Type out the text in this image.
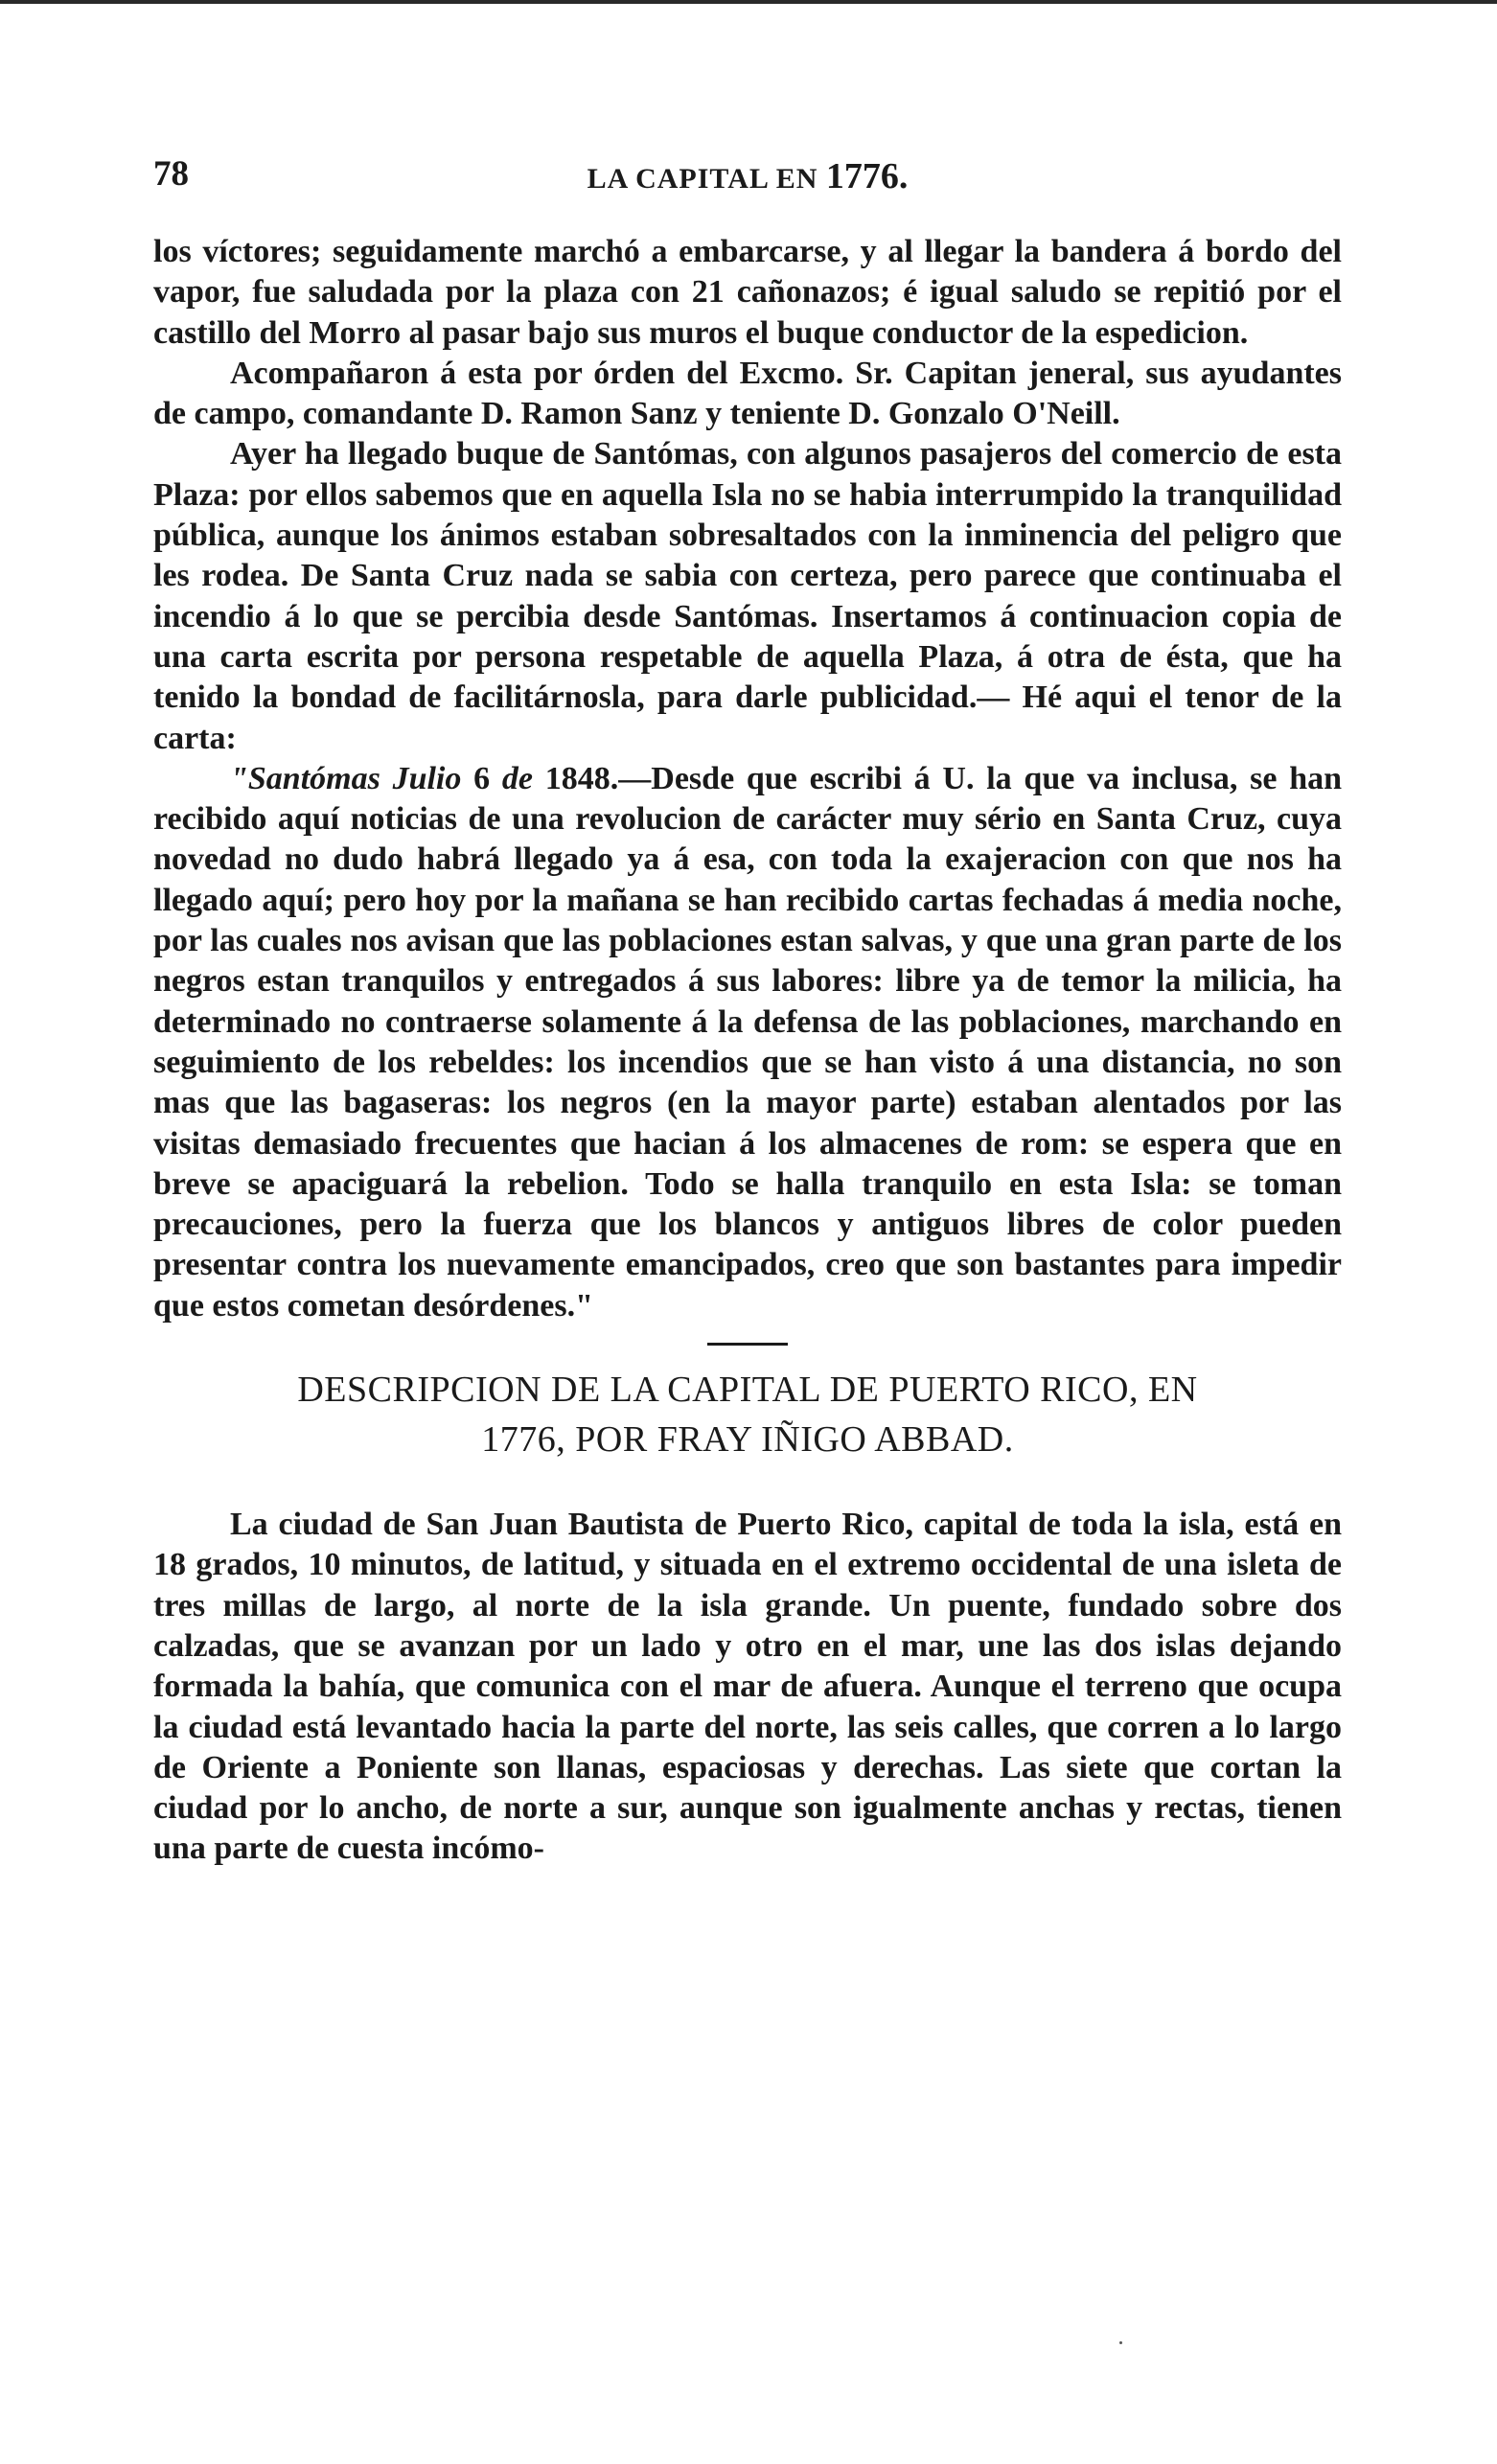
78	LA CAPITAL EN 1776.

los víctores; seguidamente marchó a embarcarse, y al llegar la bandera á bordo del vapor, fue saludada por la plaza con 21 cañonazos; é igual saludo se repitió por el castillo del Morro al pasar bajo sus muros el buque conductor de la espedicion.

Acompañaron á esta por órden del Excmo. Sr. Capitan jeneral, sus ayudantes de campo, comandante D. Ramon Sanz y teniente D. Gonzalo O'Neill.

Ayer ha llegado buque de Santómas, con algunos pasajeros del comercio de esta Plaza: por ellos sabemos que en aquella Isla no se habia interrumpido la tranquilidad pública, aunque los ánimos estaban sobresaltados con la inminencia del peligro que les rodea. De Santa Cruz nada se sabia con certeza, pero parece que continuaba el incendio á lo que se percibia desde Santómas. Insertamos á continuacion copia de una carta escrita por persona respetable de aquella Plaza, á otra de ésta, que ha tenido la bondad de facilitárnosla, para darle publicidad.— Hé aqui el tenor de la carta:

"Santómas Julio 6 de 1848.—Desde que escribi á U. la que va inclusa, se han recibido aquí noticias de una revolucion de carácter muy sério en Santa Cruz, cuya novedad no dudo habrá llegado ya á esa, con toda la exajeracion con que nos ha llegado aquí; pero hoy por la mañana se han recibido cartas fechadas á media noche, por las cuales nos avisan que las poblaciones estan salvas, y que una gran parte de los negros estan tranquilos y entregados á sus labores: libre ya de temor la milicia, ha determinado no contraerse solamente á la defensa de las poblaciones, marchando en seguimiento de los rebeldes: los incendios que se han visto á una distancia, no son mas que las bagaseras: los negros (en la mayor parte) estaban alentados por las visitas demasiado frecuentes que hacian á los almacenes de rom: se espera que en breve se apaciguará la rebelion. Todo se halla tranquilo en esta Isla: se toman precauciones, pero la fuerza que los blancos y antiguos libres de color pueden presentar contra los nuevamente emancipados, creo que son bastantes para impedir que estos cometan desórdenes."

DESCRIPCION DE LA CAPITAL DE PUERTO RICO, EN
1776, POR FRAY IÑIGO ABBAD.

La ciudad de San Juan Bautista de Puerto Rico, capital de toda la isla, está en 18 grados, 10 minutos, de latitud, y situada en el extremo occidental de una isleta de tres millas de largo, al norte de la isla grande. Un puente, fundado sobre dos calzadas, que se avanzan por un lado y otro en el mar, une las dos islas dejando formada la bahía, que comunica con el mar de afuera. Aunque el terreno que ocupa la ciudad está levantado hacia la parte del norte, las seis calles, que corren a lo largo de Oriente a Poniente son llanas, espaciosas y derechas. Las siete que cortan la ciudad por lo ancho, de norte a sur, aunque son igualmente anchas y rectas, tienen una parte de cuesta incómo-
